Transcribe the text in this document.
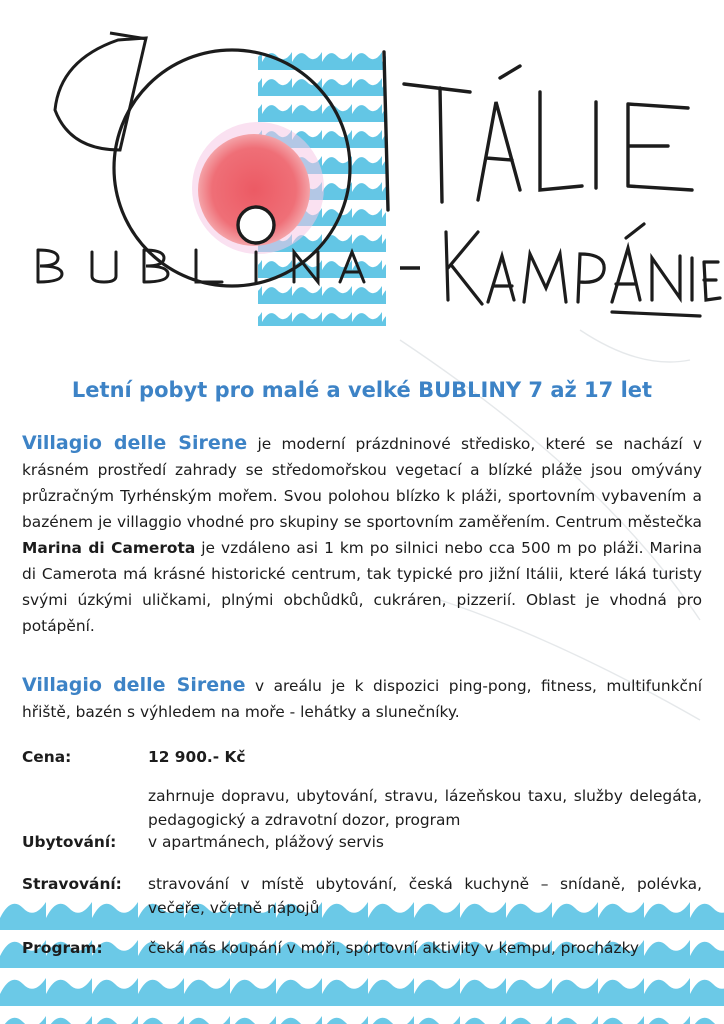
Letní pobyt pro malé a velké BUBLINY 7 až 17 let

Villagio delle Sirene je moderní prázdninové středisko, které se nachází v krásném prostředí zahrady se středomořskou vegetací a blízké pláže jsou omývány průzračným Tyrhénským mořem. Svou polohou blízko k pláži, sportovním vybavením a bazénem je villaggio vhodné pro skupiny se sportovním zaměřením. Centrum městečka Marina di Camerota je vzdáleno asi 1 km po silnici nebo cca 500 m po pláži. Marina di Camerota má krásné historické centrum, tak typické pro jižní Itálii, které láká turisty svými úzkými uličkami, plnými obchůdků, cukráren, pizzerií. Oblast je vhodná pro potápění.

Villagio delle Sirene v areálu je k dispozici ping-pong, fitness, multifunkční hřiště, bazén s výhledem na moře - lehátky a slunečníky.

Cena:	12 900.- Kč
zahrnuje dopravu, ubytování, stravu, lázeňskou taxu, služby delegáta, pedagogický a zdravotní dozor, program
Ubytování: v apartmánech, plážový servis
Stravování: stravování v místě ubytování, česká kuchyně – snídaně, polévka, večeře, včetně nápojů
Program:	čeká nás koupání v moři, sportovní aktivity v kempu, procházky
